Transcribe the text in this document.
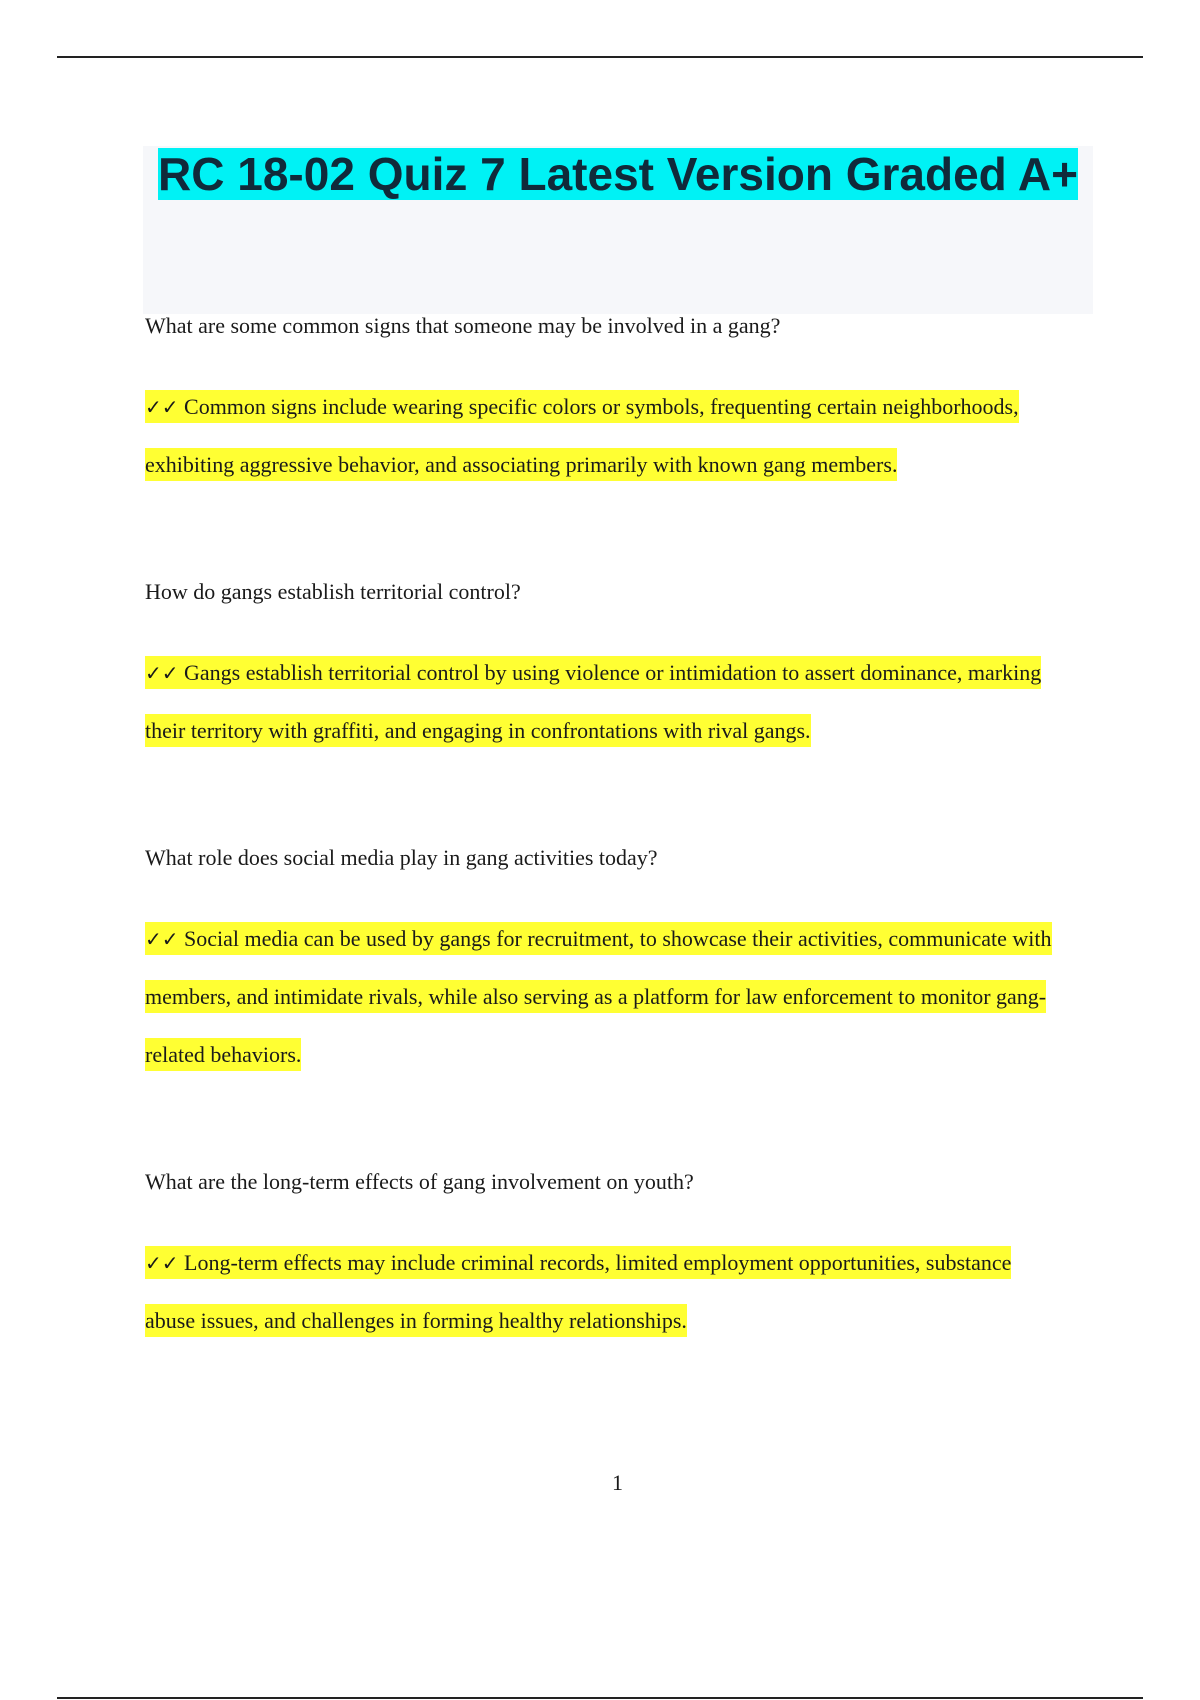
RC 18-02 Quiz 7 Latest Version Graded A+

What are some common signs that someone may be involved in a gang?

✓✓ Common signs include wearing specific colors or symbols, frequenting certain neighborhoods, exhibiting aggressive behavior, and associating primarily with known gang members.

How do gangs establish territorial control?

✓✓ Gangs establish territorial control by using violence or intimidation to assert dominance, marking their territory with graffiti, and engaging in confrontations with rival gangs.

What role does social media play in gang activities today?

✓✓ Social media can be used by gangs for recruitment, to showcase their activities, communicate with members, and intimidate rivals, while also serving as a platform for law enforcement to monitor gang-related behaviors.

What are the long-term effects of gang involvement on youth?

✓✓ Long-term effects may include criminal records, limited employment opportunities, substance abuse issues, and challenges in forming healthy relationships.

1
